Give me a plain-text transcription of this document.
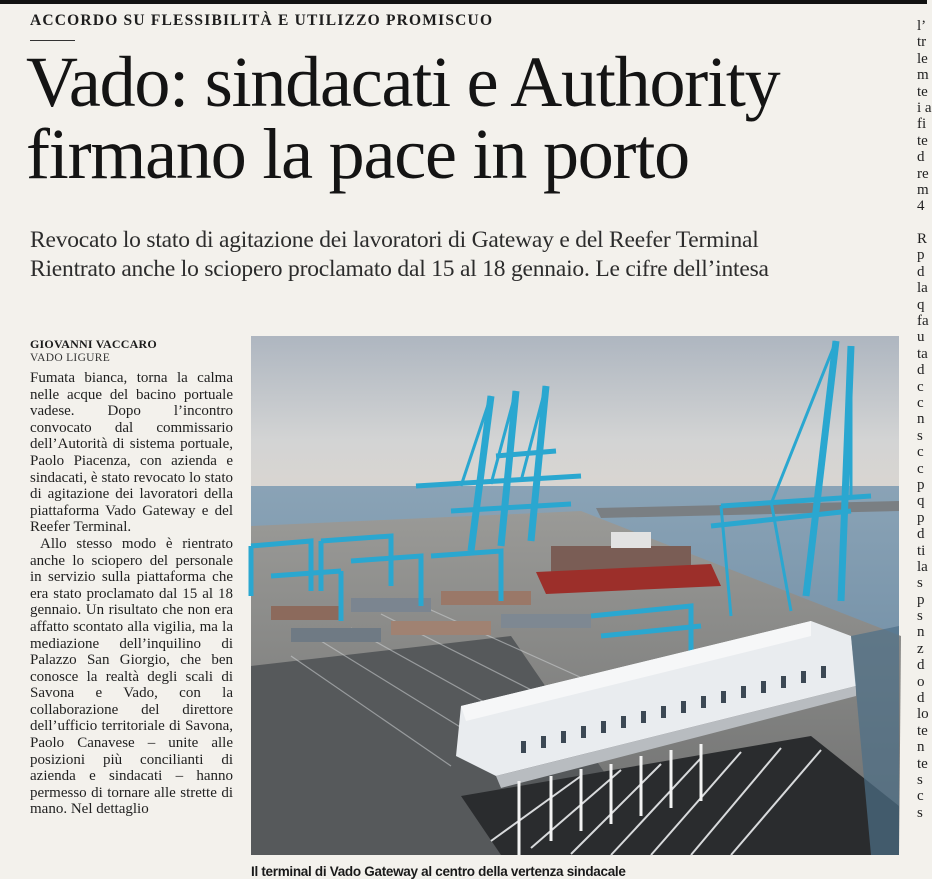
ACCORDO SU FLESSIBILITÀ E UTILIZZO PROMISCUO
Vado: sindacati e Authority
firmano la pace in porto

Revocato lo stato di agitazione dei lavoratori di Gateway e del Reefer Terminal
Rientrato anche lo sciopero proclamato dal 15 al 18 gennaio. Le cifre dell’intesa

GIOVANNI VACCARO
VADO LIGURE

Fumata bianca, torna la calma nelle acque del bacino portuale vadese. Dopo l’incontro convocato dal commissario dell’Autorità di sistema portuale, Paolo Piacenza, con azienda e sindacati, è stato revocato lo stato di agitazione dei lavoratori della piattaforma Vado Gateway e del Reefer Terminal.

Allo stesso modo è rientrato anche lo sciopero del personale in servizio sulla piattaforma che era stato proclamato dal 15 al 18 gennaio. Un risultato che non era affatto scontato alla vigilia, ma la mediazione dell’inquilino di Palazzo San Giorgio, che ben conosce la realtà degli scali di Savona e Vado, con la collaborazione del direttore dell’ufficio territoriale di Savona, Paolo Canavese – unite alle posizioni più concilianti di azienda e sindacati – hanno permesso di tornare alle strette di mano. Nel dettaglio

Il terminal di Vado Gateway al centro della vertenza sindacale
l’
tr
le
m
te
i a
fi
te
d
re
m
4
R
p
d
la
q
fa
u
ta
d
c
c
n
s
c
c
p
q
p
d
ti
la
s
p
s
n
z
d
o
d
lo
te
n
te
s
c
s
